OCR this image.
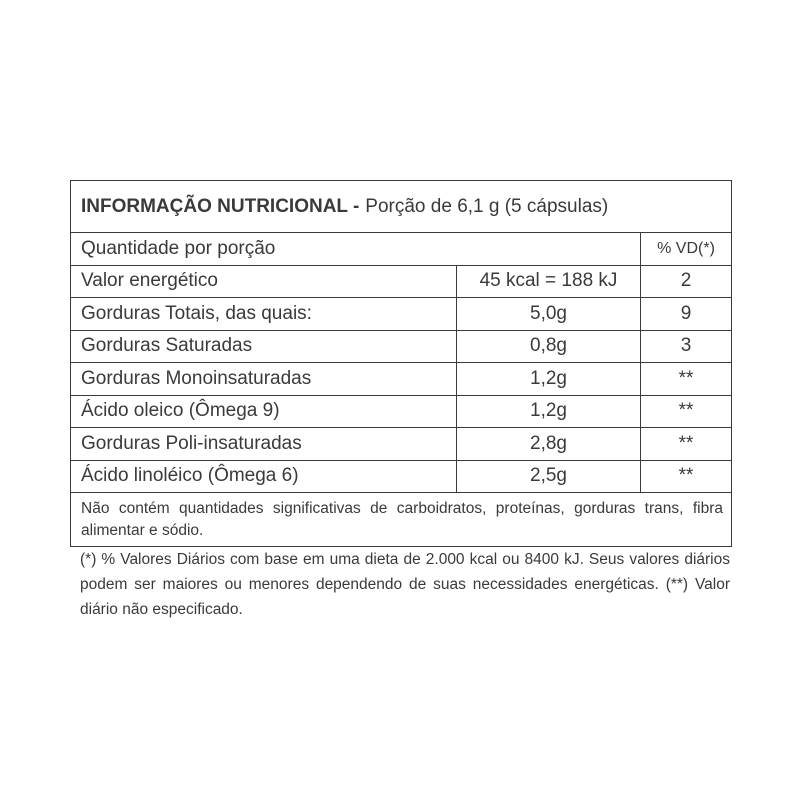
INFORMAÇÃO NUTRICIONAL - Porção de 6,1 g (5 cápsulas)
Quantidade por porção	% VD(*)
Valor energético	45 kcal = 188 kJ	2
Gorduras Totais, das quais:	5,0g	9
Gorduras Saturadas	0,8g	3
Gorduras Monoinsaturadas	1,2g	**
Ácido oleico (Ômega 9)	1,2g	**
Gorduras Poli-insaturadas	2,8g	**
Ácido linoléico (Ômega 6)	2,5g	**
Não contém quantidades significativas de carboidratos, proteínas, gorduras trans, fibra alimentar e sódio.
(*) % Valores Diários com base em uma dieta de 2.000 kcal ou 8400 kJ. Seus valores diários podem ser maiores ou menores dependendo de suas necessidades energéticas. (**) Valor diário não especificado.
